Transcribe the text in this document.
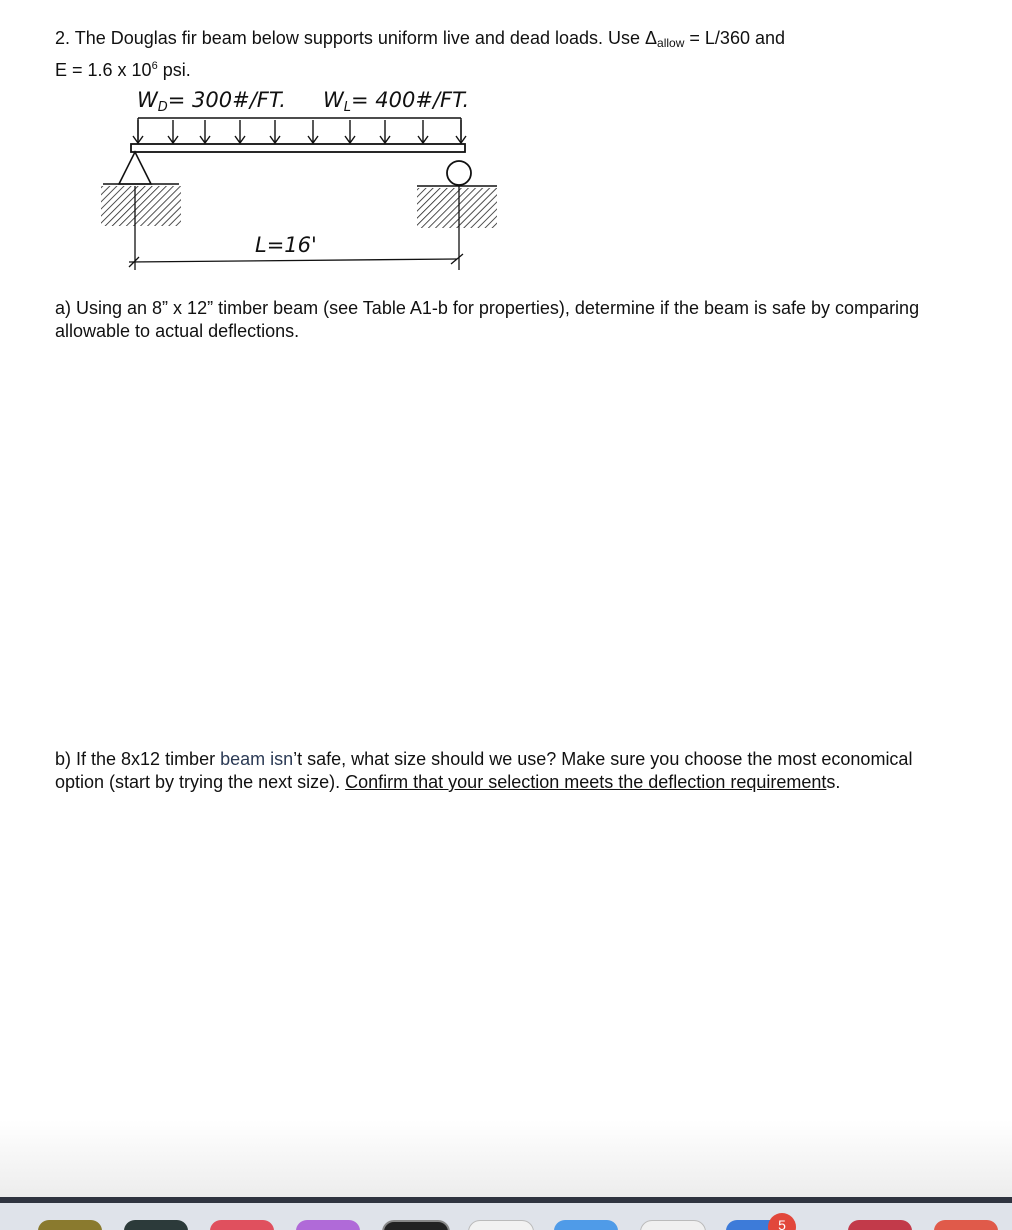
2. The Douglas fir beam below supports uniform live and dead loads. Use $\Delta_{allow} = L/360$ and
E = 1.6 x $10^6$ psi.

WD= 300#/FT. WL= 400#/FT.
L=16'

a) Using an 8” x 12” timber beam (see Table A1-b for properties), determine if the beam is safe by comparing allowable to actual deflections.

b) If the 8x12 timber beam isn’t safe, what size should we use? Make sure you choose the most economical option (start by trying the next size). Confirm that your selection meets the deflection requirements.

5
